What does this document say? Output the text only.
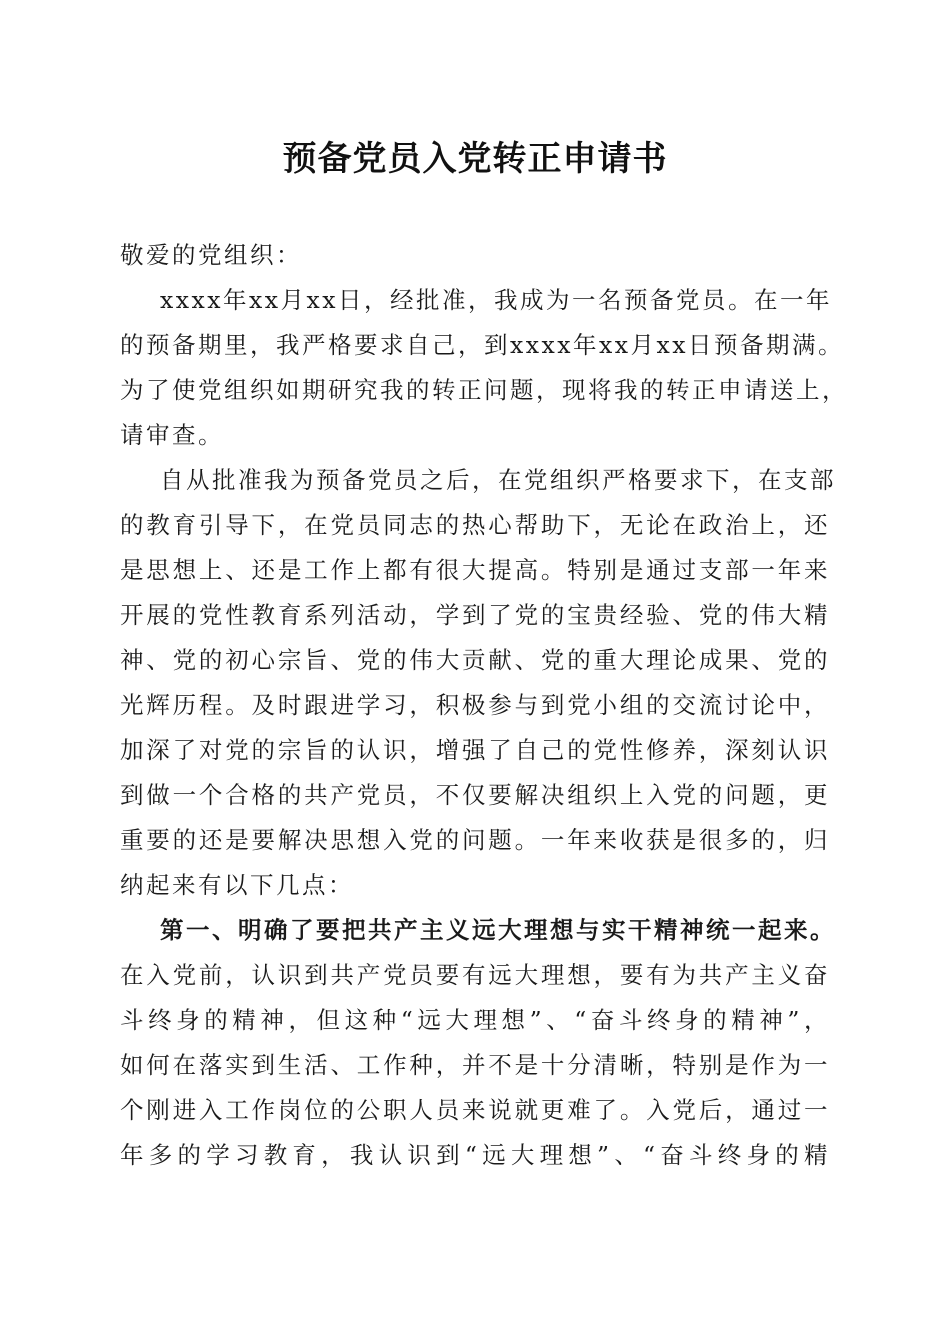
预备党员入党转正申请书
敬爱的党组织：
xxxx年xx月xx日，经批准，我成为一名预备党员。在一年
的预备期里，我严格要求自己，到xxxx年xx月xx日预备期满。
为了使党组织如期研究我的转正问题，现将我的转正申请送上，
请审查。
自从批准我为预备党员之后，在党组织严格要求下，在支部
的教育引导下，在党员同志的热心帮助下，无论在政治上，还
是思想上、还是工作上都有很大提高。特别是通过支部一年来
开展的党性教育系列活动，学到了党的宝贵经验、党的伟大精
神、党的初心宗旨、党的伟大贡献、党的重大理论成果、党的
光辉历程。及时跟进学习，积极参与到党小组的交流讨论中，
加深了对党的宗旨的认识，增强了自己的党性修养，深刻认识
到做一个合格的共产党员，不仅要解决组织上入党的问题，更
重要的还是要解决思想入党的问题。一年来收获是很多的，归
纳起来有以下几点：
第一、明确了要把共产主义远大理想与实干精神统一起来。
在入党前，认识到共产党员要有远大理想，要有为共产主义奋
斗终身的精神，但这种“远大理想”、“奋斗终身的精神”，
如何在落实到生活、工作种，并不是十分清晰，特别是作为一
个刚进入工作岗位的公职人员来说就更难了。入党后，通过一
年多的学习教育，我认识到“远大理想”、“奋斗终身的精
